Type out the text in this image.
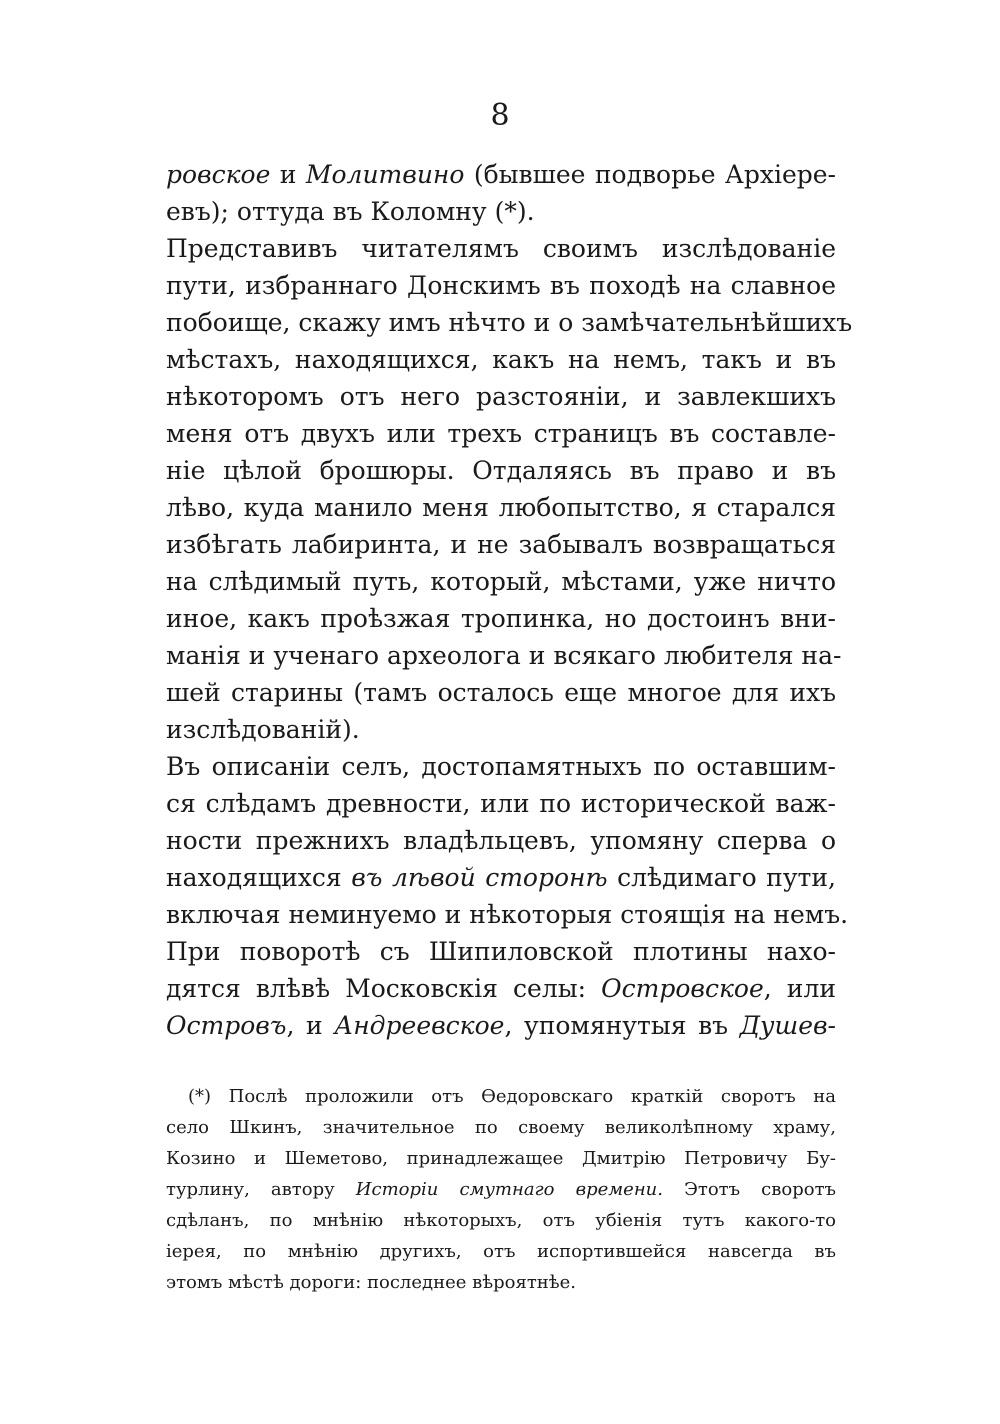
8
ровское и Молитвино (бывшее подворье Архiере-
евъ); оттуда въ Коломну (*).
Представивъ читателямъ своимъ изслѣдованiе
пути, избраннаго Донскимъ въ походѣ на славное
побоище, скажу имъ нѣчто и о замѣчательнѣйшихъ
мѣстахъ, находящихся, какъ на немъ, такъ и въ
нѣкоторомъ отъ него разстоянiи, и завлекшихъ
меня отъ двухъ или трехъ страницъ въ составле-
нiе цѣлой брошюры. Отдаляясь въ право и въ
лѣво, куда манило меня любопытство, я старался
избѣгать лабиринта, и не забывалъ возвращаться
на слѣдимый путь, который, мѣстами, уже ничто
иное, какъ проѣзжая тропинка, но достоинъ вни-
манiя и ученаго археолога и всякаго любителя на-
шей старины (тамъ осталось еще многое для ихъ
изслѣдованiй).
Въ описанiи селъ, достопамятныхъ по оставшим-
ся слѣдамъ древности, или по исторической важ-
ности прежнихъ владѣльцевъ, упомяну сперва о
находящихся въ лѣвой сторонѣ слѣдимаго пути,
включая неминуемо и нѣкоторыя стоящiя на немъ.
При поворотѣ съ Шипиловской плотины нахо-
дятся влѣвѣ Московскiя селы: Островское, или
Островъ, и Андреевское, упомянутыя въ Душев-
(*) Послѣ проложили отъ Өедоровскаго краткiй своротъ на
село Шкинъ, значительное по своему великолѣпному храму,
Козино и Шеметово, принадлежащее Дмитрiю Петровичу Бу-
турлину, автору Исторiи смутнаго времени. Этотъ своротъ
сдѣланъ, по мнѣнiю нѣкоторыхъ, отъ убiенiя тутъ какого-то
iерея, по мнѣнiю другихъ, отъ испортившейся навсегда въ
этомъ мѣстѣ дороги: последнее вѣроятнѣе.
